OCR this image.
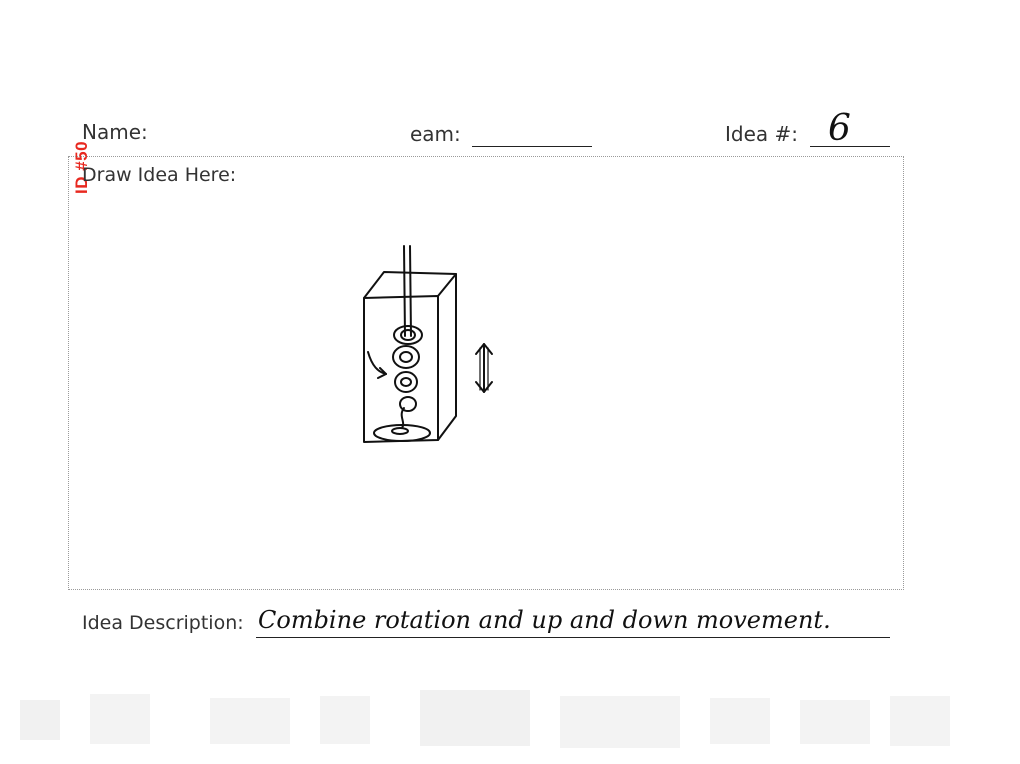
ID #50
Name:	eam:	Idea #: 6
Draw Idea Here:
Idea Description: Combine rotation and up and down movement.
